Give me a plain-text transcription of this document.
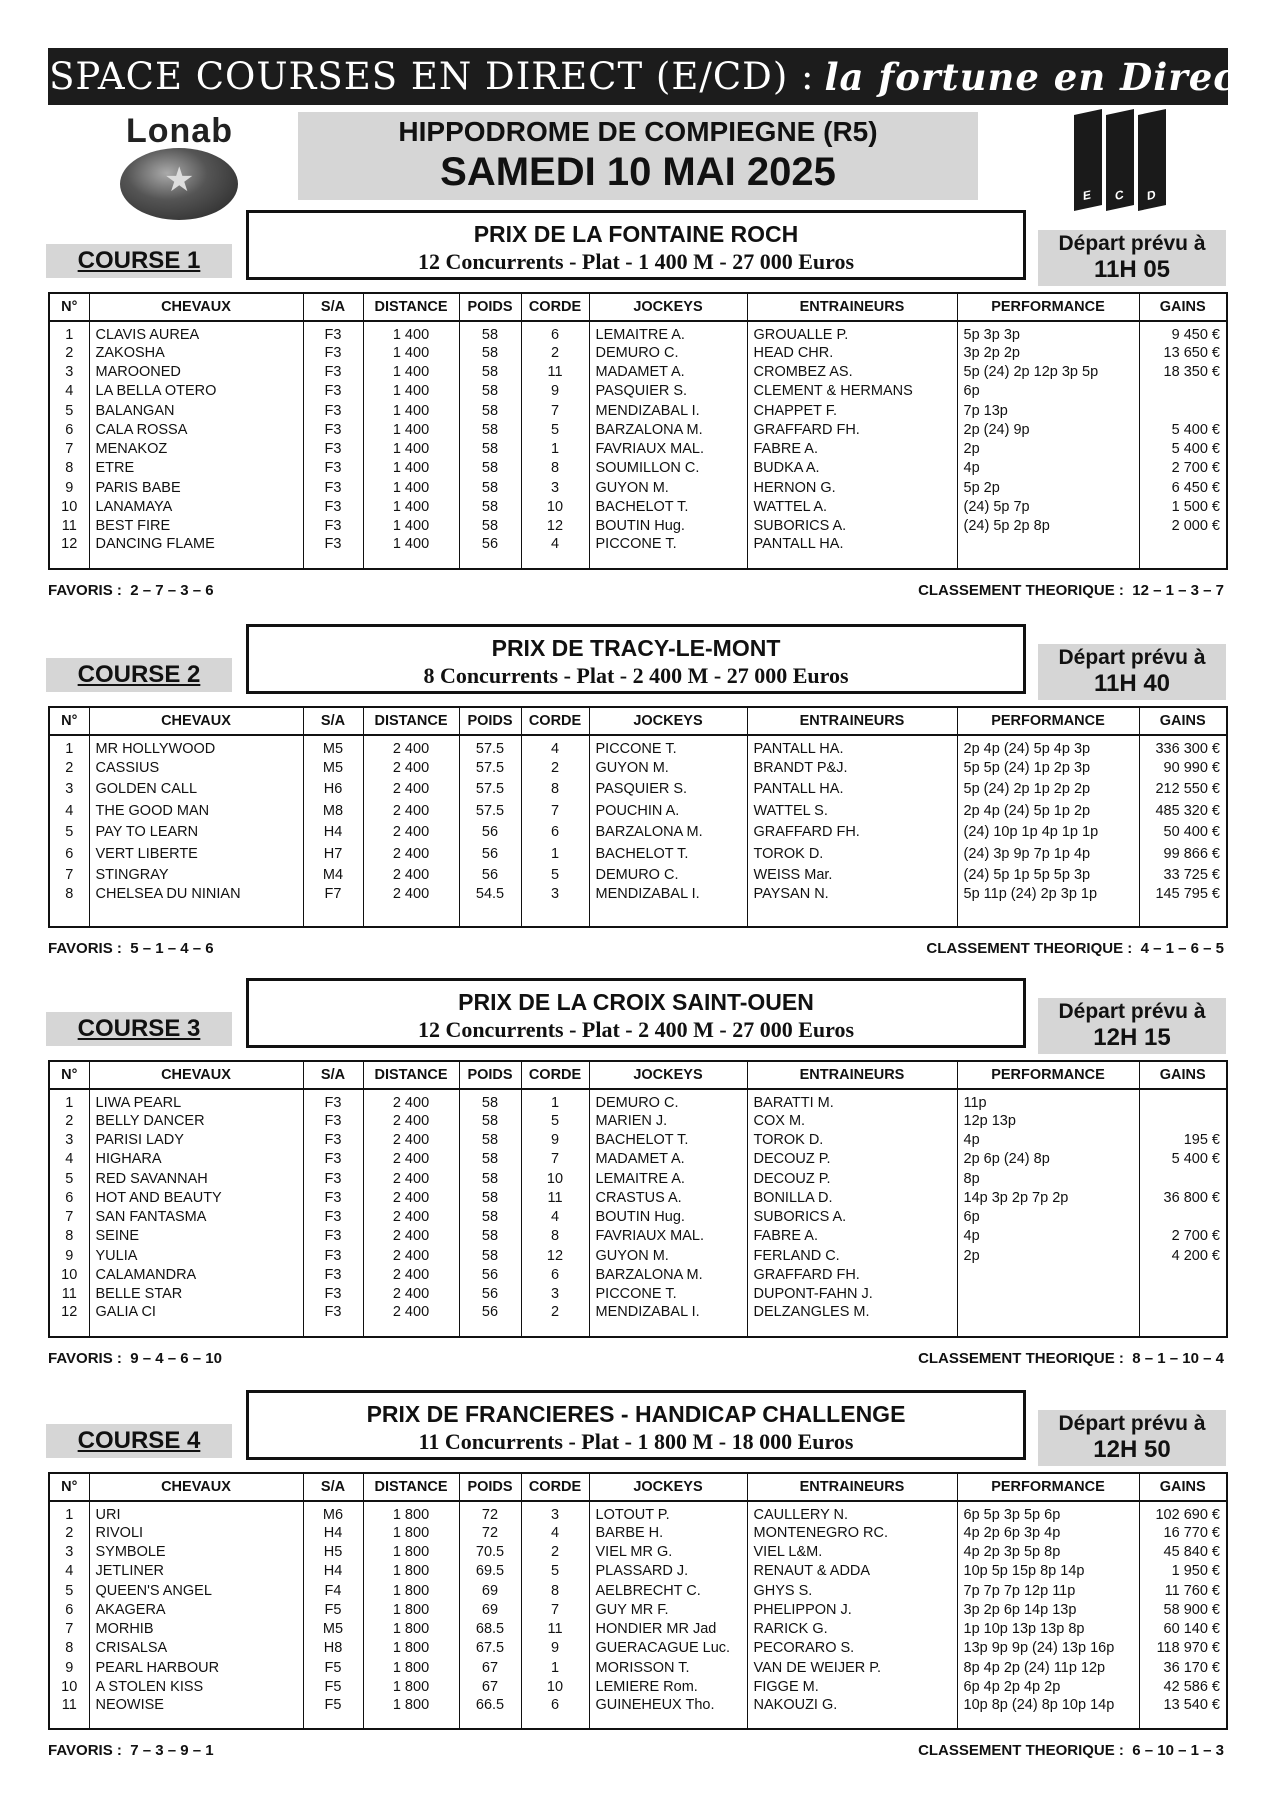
ESPACE COURSES EN DIRECT (E/CD) : la fortune en Direct
★
Lonab	HIPPODROME DE COMPIEGNE (R5)
SAMEDI 10 MAI 2025
E C D
COURSE 1
PRIX DE LA FONTAINE ROCH
12 Concurrents - Plat - 1 400 M - 27 000 Euros
Départ prévu à
11H 05
N°	CHEVAUX	S/A	DISTANCE	POIDS	CORDE	JOCKEYS	ENTRAINEURS	PERFORMANCE	GAINS
1	CLAVIS AUREA	F3	1 400	58	6	LEMAITRE A.	GROUALLE P.	5p 3p 3p	9 450 €
2	ZAKOSHA	F3	1 400	58	2	DEMURO C.	HEAD CHR.	3p 2p 2p	13 650 €
3	MAROONED	F3	1 400	58	11	MADAMET A.	CROMBEZ AS.	5p (24) 2p 12p 3p 5p	18 350 €
4	LA BELLA OTERO	F3	1 400	58	9	PASQUIER S.	CLEMENT & HERMANS	6p	
5	BALANGAN	F3	1 400	58	7	MENDIZABAL I.	CHAPPET F.	7p 13p	
6	CALA ROSSA	F3	1 400	58	5	BARZALONA M.	GRAFFARD FH.	2p (24) 9p	5 400 €
7	MENAKOZ	F3	1 400	58	1	FAVRIAUX MAL.	FABRE A.	2p	5 400 €
8	ETRE	F3	1 400	58	8	SOUMILLON C.	BUDKA A.	4p	2 700 €
9	PARIS BABE	F3	1 400	58	3	GUYON M.	HERNON G.	5p 2p	6 450 €
10	LANAMAYA	F3	1 400	58	10	BACHELOT T.	WATTEL A.	(24) 5p 7p	1 500 €
11	BEST FIRE	F3	1 400	58	12	BOUTIN Hug.	SUBORICS A.	(24) 5p 2p 8p	2 000 €
12	DANCING FLAME	F3	1 400	56	4	PICCONE T.	PANTALL HA.		

FAVORIS : 2 – 7 – 3 – 6	CLASSEMENT THEORIQUE : 12 – 1 – 3 – 7
COURSE 2
PRIX DE TRACY-LE-MONT
8 Concurrents - Plat - 2 400 M - 27 000 Euros
Départ prévu à
11H 40
N°	CHEVAUX	S/A	DISTANCE	POIDS	CORDE	JOCKEYS	ENTRAINEURS	PERFORMANCE	GAINS
1	MR HOLLYWOOD	M5	2 400	57.5	4	PICCONE T.	PANTALL HA.	2p 4p (24) 5p 4p 3p	336 300 €
2	CASSIUS	M5	2 400	57.5	2	GUYON M.	BRANDT P&J.	5p 5p (24) 1p 2p 3p	90 990 €
3	GOLDEN CALL	H6	2 400	57.5	8	PASQUIER S.	PANTALL HA.	5p (24) 2p 1p 2p 2p	212 550 €
4	THE GOOD MAN	M8	2 400	57.5	7	POUCHIN A.	WATTEL S.	2p 4p (24) 5p 1p 2p	485 320 €
5	PAY TO LEARN	H4	2 400	56	6	BARZALONA M.	GRAFFARD FH.	(24) 10p 1p 4p 1p 1p	50 400 €
6	VERT LIBERTE	H7	2 400	56	1	BACHELOT T.	TOROK D.	(24) 3p 9p 7p 1p 4p	99 866 €
7	STINGRAY	M4	2 400	56	5	DEMURO C.	WEISS Mar.	(24) 5p 1p 5p 5p 3p	33 725 €
8	CHELSEA DU NINIAN	F7	2 400	54.5	3	MENDIZABAL I.	PAYSAN N.	5p 11p (24) 2p 3p 1p	145 795 €

FAVORIS : 5 – 1 – 4 – 6	CLASSEMENT THEORIQUE : 4 – 1 – 6 – 5
COURSE 3
PRIX DE LA CROIX SAINT-OUEN
12 Concurrents - Plat - 2 400 M - 27 000 Euros
Départ prévu à
12H 15
N°	CHEVAUX	S/A	DISTANCE	POIDS	CORDE	JOCKEYS	ENTRAINEURS	PERFORMANCE	GAINS
1	LIWA PEARL	F3	2 400	58	1	DEMURO C.	BARATTI M.	11p	
2	BELLY DANCER	F3	2 400	58	5	MARIEN J.	COX M.	12p 13p	
3	PARISI LADY	F3	2 400	58	9	BACHELOT T.	TOROK D.	4p	195 €
4	HIGHARA	F3	2 400	58	7	MADAMET A.	DECOUZ P.	2p 6p (24) 8p	5 400 €
5	RED SAVANNAH	F3	2 400	58	10	LEMAITRE A.	DECOUZ P.	8p	
6	HOT AND BEAUTY	F3	2 400	58	11	CRASTUS A.	BONILLA D.	14p 3p 2p 7p 2p	36 800 €
7	SAN FANTASMA	F3	2 400	58	4	BOUTIN Hug.	SUBORICS A.	6p	
8	SEINE	F3	2 400	58	8	FAVRIAUX MAL.	FABRE A.	4p	2 700 €
9	YULIA	F3	2 400	58	12	GUYON M.	FERLAND C.	2p	4 200 €
10	CALAMANDRA	F3	2 400	56	6	BARZALONA M.	GRAFFARD FH.		
11	BELLE STAR	F3	2 400	56	3	PICCONE T.	DUPONT-FAHN J.		
12	GALIA CI	F3	2 400	56	2	MENDIZABAL I.	DELZANGLES M.		

FAVORIS : 9 – 4 – 6 – 10	CLASSEMENT THEORIQUE : 8 – 1 – 10 – 4
COURSE 4
PRIX DE FRANCIERES - HANDICAP CHALLENGE
11 Concurrents - Plat - 1 800 M - 18 000 Euros
Départ prévu à
12H 50
N°	CHEVAUX	S/A	DISTANCE	POIDS	CORDE	JOCKEYS	ENTRAINEURS	PERFORMANCE	GAINS
1	URI	M6	1 800	72	3	LOTOUT P.	CAULLERY N.	6p 5p 3p 5p 6p	102 690 €
2	RIVOLI	H4	1 800	72	4	BARBE H.	MONTENEGRO RC.	4p 2p 6p 3p 4p	16 770 €
3	SYMBOLE	H5	1 800	70.5	2	VIEL MR G.	VIEL L&M.	4p 2p 3p 5p 8p	45 840 €
4	JETLINER	H4	1 800	69.5	5	PLASSARD J.	RENAUT & ADDA	10p 5p 15p 8p 14p	1 950 €
5	QUEEN'S ANGEL	F4	1 800	69	8	AELBRECHT C.	GHYS S.	7p 7p 7p 12p 11p	11 760 €
6	AKAGERA	F5	1 800	69	7	GUY MR F.	PHELIPPON J.	3p 2p 6p 14p 13p	58 900 €
7	MORHIB	M5	1 800	68.5	11	HONDIER MR Jad	RARICK G.	1p 10p 13p 13p 8p	60 140 €
8	CRISALSA	H8	1 800	67.5	9	GUERACAGUE Luc.	PECORARO S.	13p 9p 9p (24) 13p 16p	118 970 €
9	PEARL HARBOUR	F5	1 800	67	1	MORISSON T.	VAN DE WEIJER P.	8p 4p 2p (24) 11p 12p	36 170 €
10	A STOLEN KISS	F5	1 800	67	10	LEMIERE Rom.	FIGGE M.	6p 4p 2p 4p 2p	42 586 €
11	NEOWISE	F5	1 800	66.5	6	GUINEHEUX Tho.	NAKOUZI G.	10p 8p (24) 8p 10p 14p	13 540 €

FAVORIS : 7 – 3 – 9 – 1	CLASSEMENT THEORIQUE : 6 – 10 – 1 – 3
